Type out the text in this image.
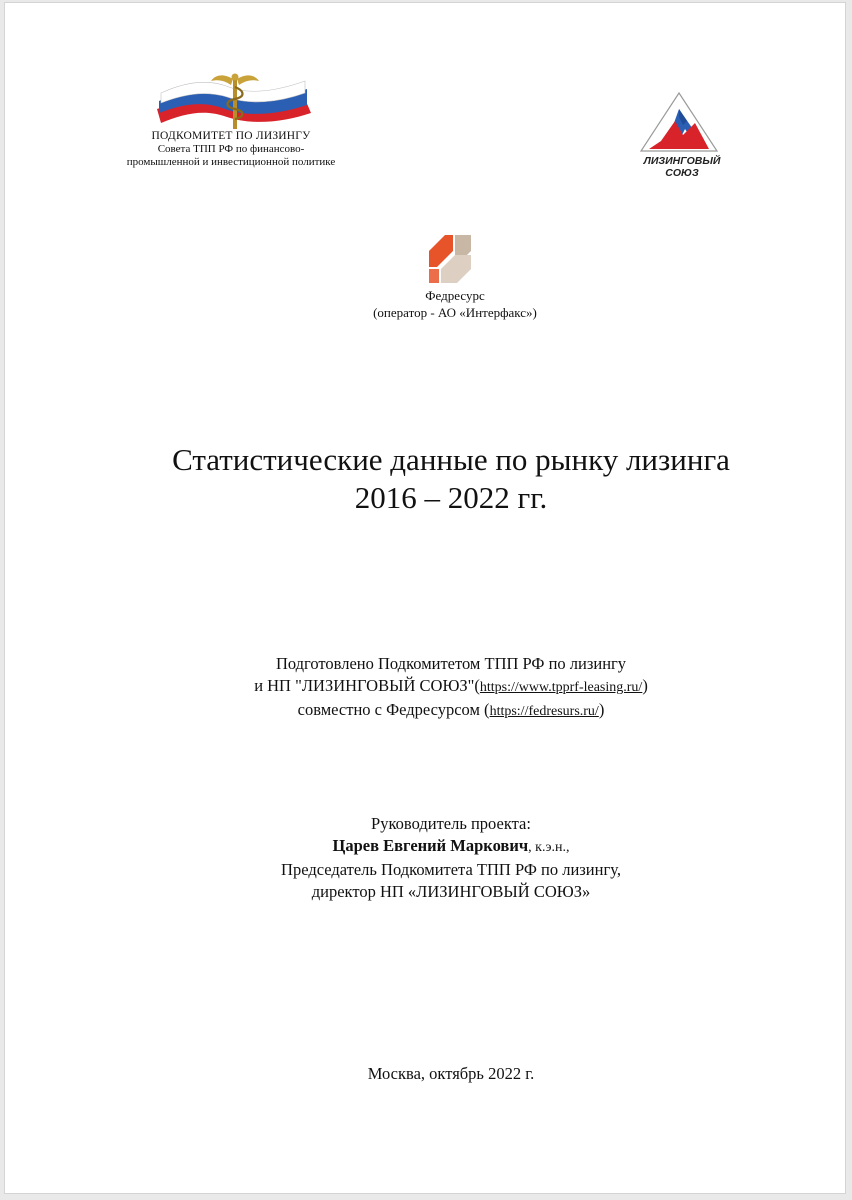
ПОДКОМИТЕТ ПО ЛИЗИНГУ
Совета ТПП РФ по финансово-
промышленной и инвестиционной политике	ЛИЗИНГОВЫЙ
СОЮЗ
Федресурс
(оператор - АО «Интерфакс»)
Статистические данные по рынку лизинга
2016 – 2022 гг.
Подготовлено Подкомитетом ТПП РФ по лизингу
и НП "ЛИЗИНГОВЫЙ СОЮЗ"(https://www.tpprf-leasing.ru/)
совместно с Федресурсом (https://fedresurs.ru/)
Руководитель проекта:
Царев Евгений Маркович, к.э.н.,
Председатель Подкомитета ТПП РФ по лизингу,
директор НП «ЛИЗИНГОВЫЙ СОЮЗ»
Москва, октябрь 2022 г.
